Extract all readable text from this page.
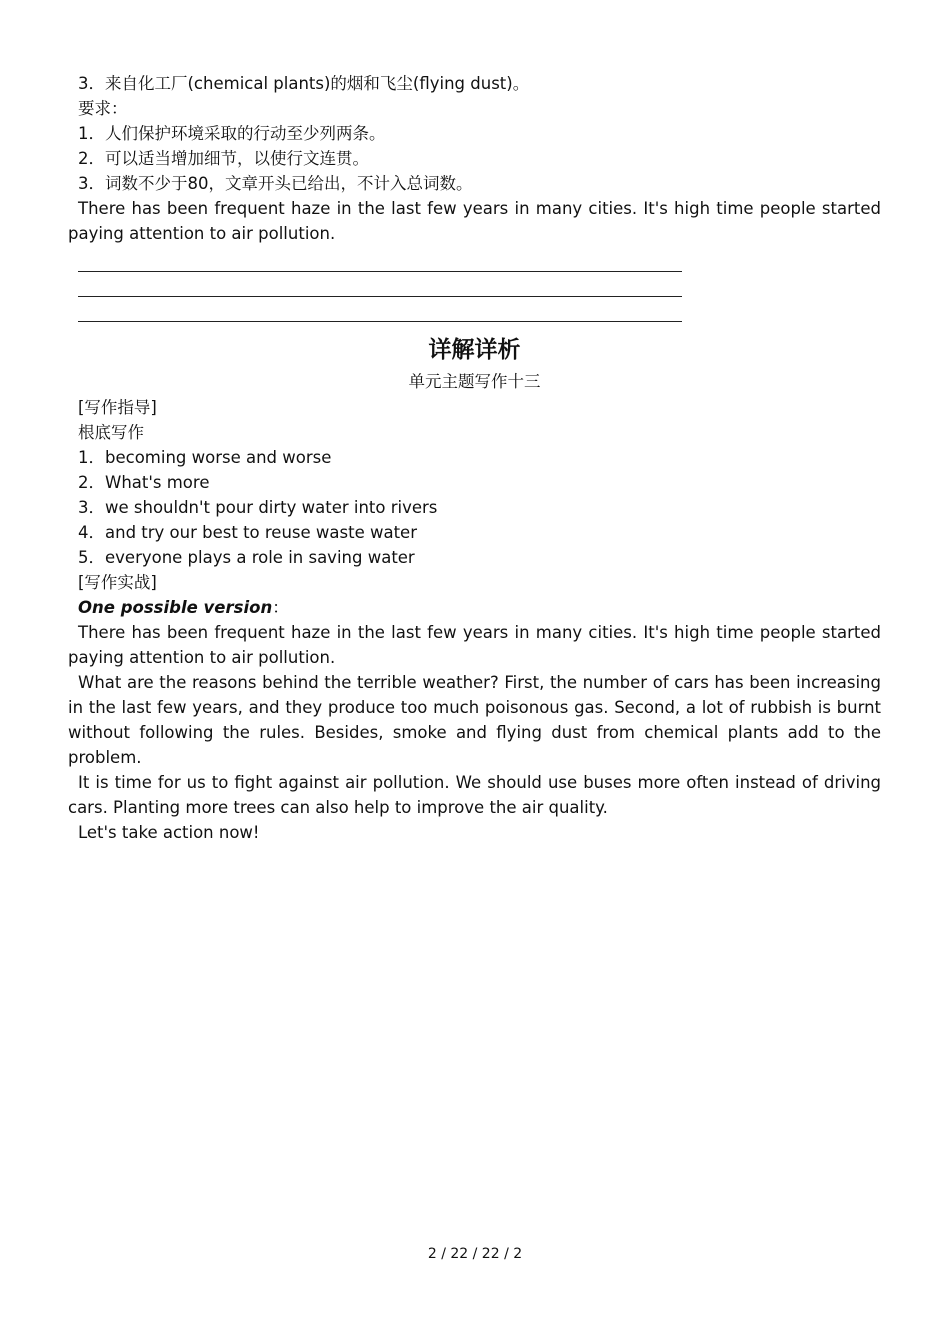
3．来自化工厂(chemical plants)的烟和飞尘(flying dust)。

要求：

1．人们保护环境采取的行动至少列两条。

2．可以适当增加细节，以使行文连贯。

3．词数不少于80，文章开头已给出，不计入总词数。

There has been frequent haze in the last few years in many cities. It's high time people started paying attention to air pollution.

详解详析
单元主题写作十三

[写作指导]

根底写作

1．becoming worse and worse

2．What's more

3．we shouldn't pour dirty water into rivers

4．and try our best to reuse waste water

5．everyone plays a role in saving water

[写作实战]

One possible version：

There has been frequent haze in the last few years in many cities. It's high time people started paying attention to air pollution.

What are the reasons behind the terrible weather? First, the number of cars has been increasing in the last few years, and they produce too much poisonous gas. Second, a lot of rubbish is burnt without following the rules. Besides, smoke and flying dust from chemical plants add to the problem.

It is time for us to fight against air pollution. We should use buses more often instead of driving cars. Planting more trees can also help to improve the air quality.

Let's take action now!

2 / 22 / 22 / 2
